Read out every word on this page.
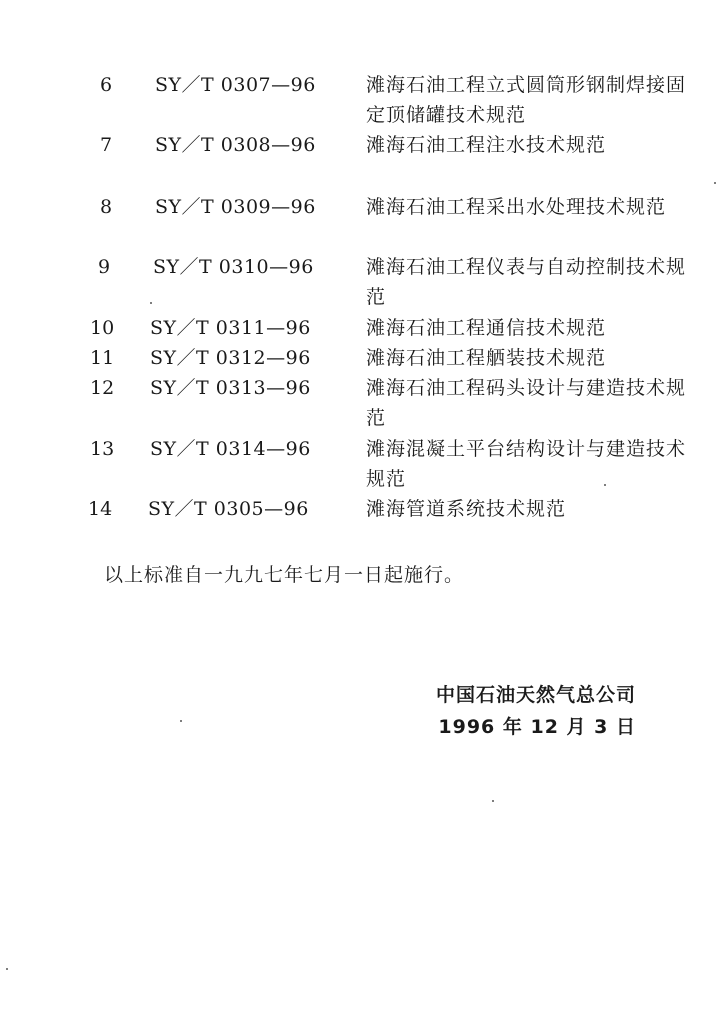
6 SY／T 0307—96	滩海石油工程立式圆筒形钢制焊接固定顶储罐技术规范
7 SY／T 0308—96	滩海石油工程注水技术规范
8 SY／T 0309—96	滩海石油工程采出水处理技术规范
9 SY／T 0310—96	滩海石油工程仪表与自动控制技术规范
10 SY／T 0311—96	滩海石油工程通信技术规范
11 SY／T 0312—96	滩海石油工程舾装技术规范
12 SY／T 0313—96	滩海石油工程码头设计与建造技术规范
13 SY／T 0314—96	滩海混凝土平台结构设计与建造技术规范
14 SY／T 0305—96	滩海管道系统技术规范
以上标准自一九九七年七月一日起施行。
中国石油天然气总公司
1996 年 12 月 3 日
